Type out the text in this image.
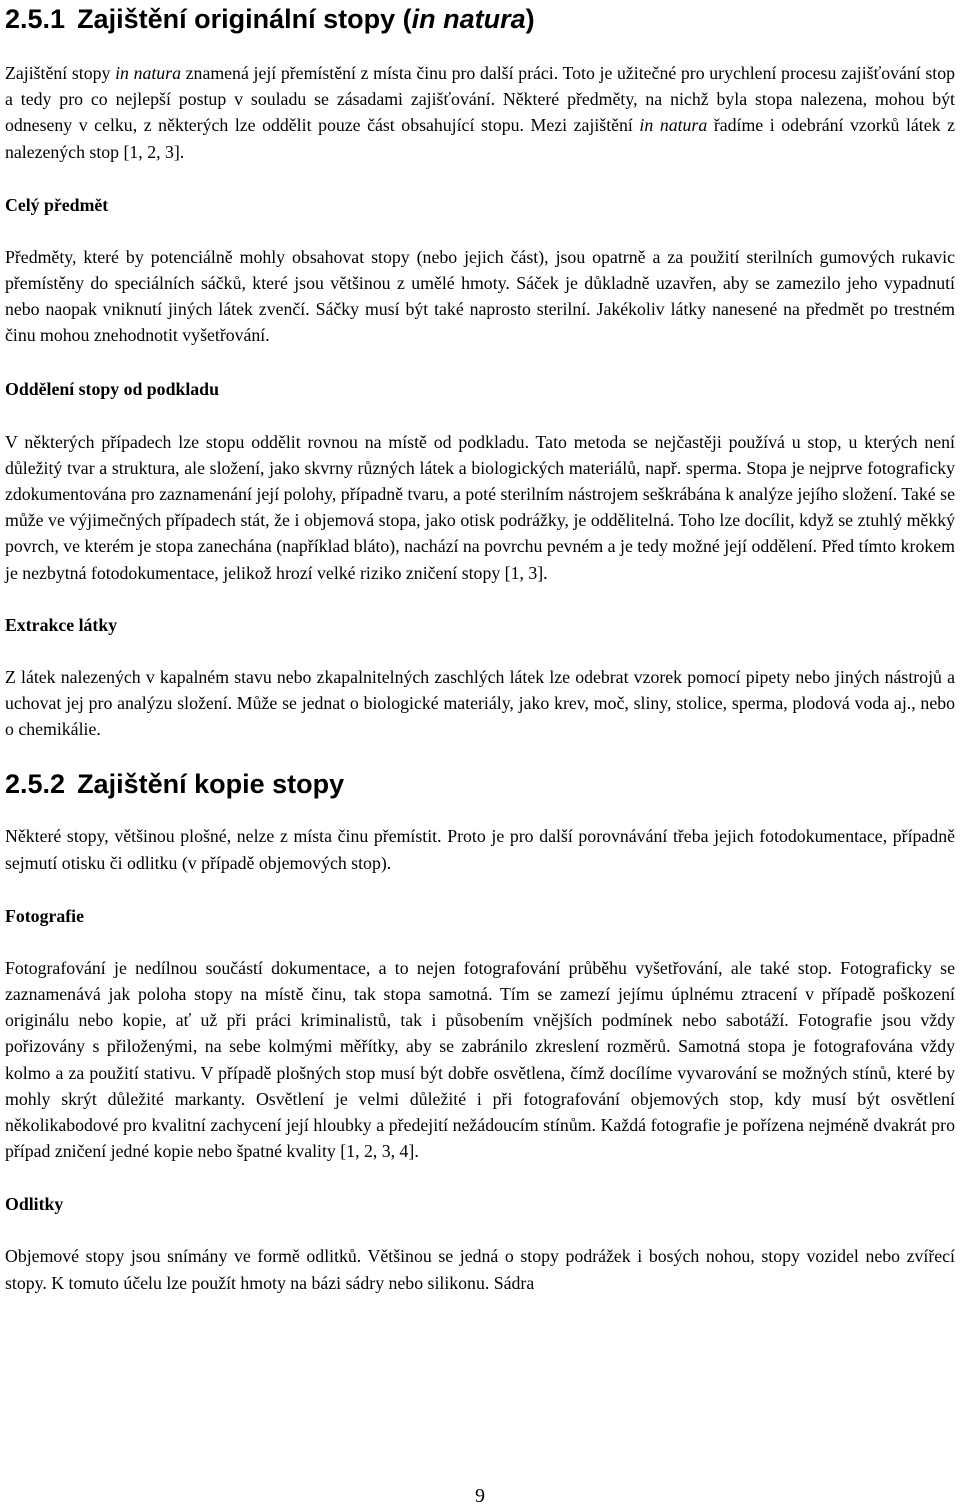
2.5.1 Zajištění originální stopy (in natura)

Zajištění stopy in natura znamená její přemístění z místa činu pro další práci. Toto je užitečné pro urychlení procesu zajišťování stop a tedy pro co nejlepší postup v souladu se zásadami zajišťování. Některé předměty, na nichž byla stopa nalezena, mohou být odneseny v celku, z některých lze oddělit pouze část obsahující stopu. Mezi zajištění in natura řadíme i odebrání vzorků látek z nalezených stop [1, 2, 3].

Celý předmět

Předměty, které by potenciálně mohly obsahovat stopy (nebo jejich část), jsou opatrně a za použití sterilních gumových rukavic přemístěny do speciálních sáčků, které jsou většinou z umělé hmoty. Sáček je důkladně uzavřen, aby se zamezilo jeho vypadnutí nebo naopak vniknutí jiných látek zvenčí. Sáčky musí být také naprosto sterilní. Jakékoliv látky nanesené na předmět po trestném činu mohou znehodnotit vyšetřování.

Oddělení stopy od podkladu

V některých případech lze stopu oddělit rovnou na místě od podkladu. Tato metoda se nejčastěji používá u stop, u kterých není důležitý tvar a struktura, ale složení, jako skvrny různých látek a biologických materiálů, např. sperma. Stopa je nejprve fotograficky zdokumentována pro zaznamenání její polohy, případně tvaru, a poté sterilním nástrojem seškrábána k analýze jejího složení. Také se může ve výjimečných případech stát, že i objemová stopa, jako otisk podrážky, je oddělitelná. Toho lze docílit, když se ztuhlý měkký povrch, ve kterém je stopa zanechána (například bláto), nachází na povrchu pevném a je tedy možné její oddělení. Před tímto krokem je nezbytná fotodokumentace, jelikož hrozí velké riziko zničení stopy [1, 3].

Extrakce látky

Z látek nalezených v kapalném stavu nebo zkapalnitelných zaschlých látek lze odebrat vzorek pomocí pipety nebo jiných nástrojů a uchovat jej pro analýzu složení. Může se jednat o biologické materiály, jako krev, moč, sliny, stolice, sperma, plodová voda aj., nebo o chemikálie.

2.5.2 Zajištění kopie stopy

Některé stopy, většinou plošné, nelze z místa činu přemístit. Proto je pro další porovnávání třeba jejich fotodokumentace, případně sejmutí otisku či odlitku (v případě objemových stop).

Fotografie

Fotografování je nedílnou součástí dokumentace, a to nejen fotografování průběhu vyšetřování, ale také stop. Fotograficky se zaznamenává jak poloha stopy na místě činu, tak stopa samotná. Tím se zamezí jejímu úplnému ztracení v případě poškození originálu nebo kopie, ať už při práci kriminalistů, tak i působením vnějších podmínek nebo sabotáží. Fotografie jsou vždy pořizovány s přiloženými, na sebe kolmými měřítky, aby se zabránilo zkreslení rozměrů. Samotná stopa je fotografována vždy kolmo a za použití stativu. V případě plošných stop musí být dobře osvětlena, čímž docílíme vyvarování se možných stínů, které by mohly skrýt důležité markanty. Osvětlení je velmi důležité i při fotografování objemových stop, kdy musí být osvětlení několikabodové pro kvalitní zachycení její hloubky a předejití nežádoucím stínům. Každá fotografie je pořízena nejméně dvakrát pro případ zničení jedné kopie nebo špatné kvality [1, 2, 3, 4].

Odlitky

Objemové stopy jsou snímány ve formě odlitků. Většinou se jedná o stopy podrážek i bosých nohou, stopy vozidel nebo zvířecí stopy. K tomuto účelu lze použít hmoty na bázi sádry nebo silikonu. Sádra

9
